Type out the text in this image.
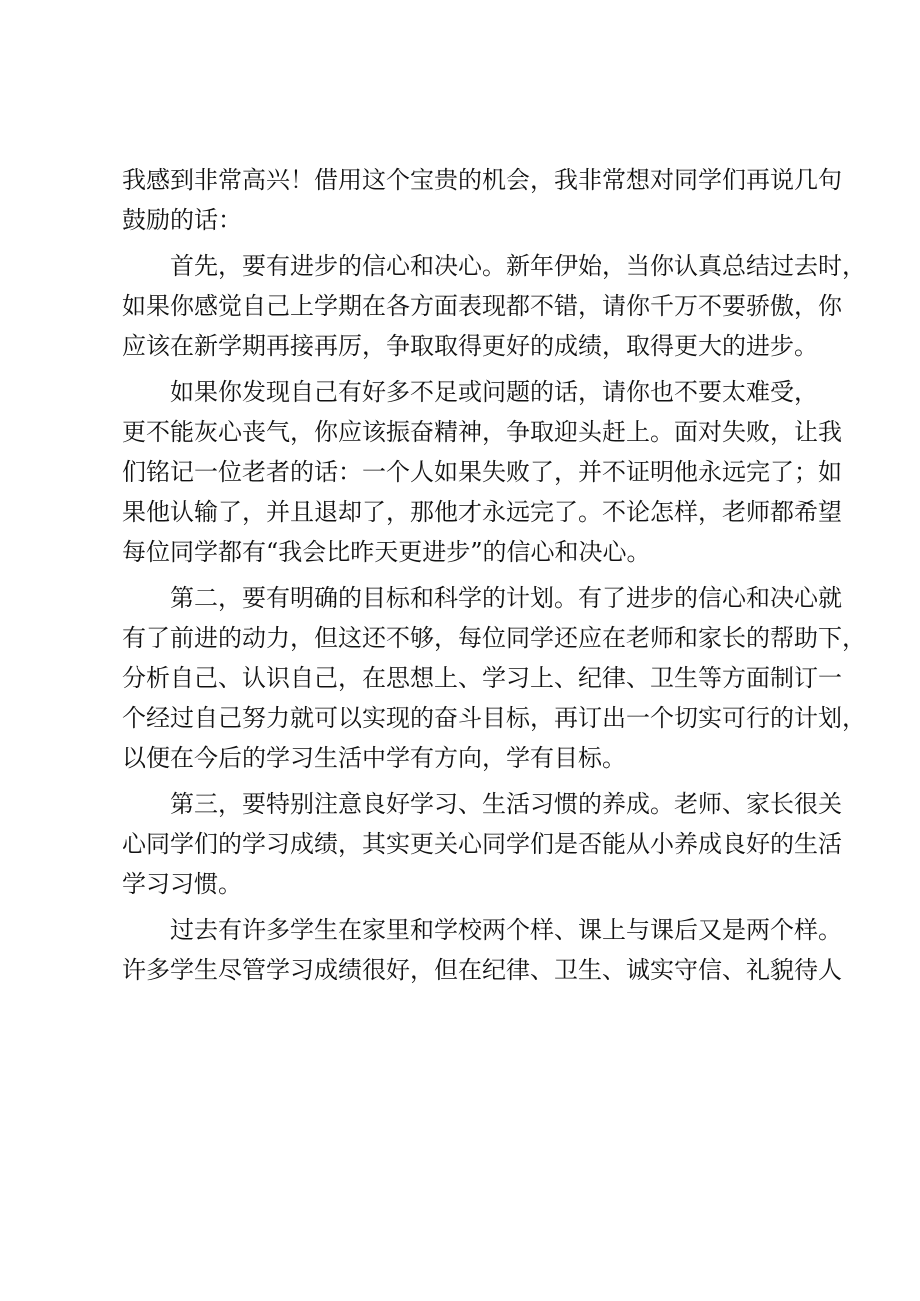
我感到非常高兴！借用这个宝贵的机会，我非常想对同学们再说几句
鼓励的话：

首先，要有进步的信心和决心。新年伊始，当你认真总结过去时，
如果你感觉自己上学期在各方面表现都不错，请你千万不要骄傲，你
应该在新学期再接再厉，争取取得更好的成绩，取得更大的进步。

如果你发现自己有好多不足或问题的话，请你也不要太难受，
更不能灰心丧气，你应该振奋精神，争取迎头赶上。面对失败，让我
们铭记一位老者的话：一个人如果失败了，并不证明他永远完了；如
果他认输了，并且退却了，那他才永远完了。不论怎样，老师都希望
每位同学都有“我会比昨天更进步”的信心和决心。

第二，要有明确的目标和科学的计划。有了进步的信心和决心就
有了前进的动力，但这还不够，每位同学还应在老师和家长的帮助下，
分析自己、认识自己，在思想上、学习上、纪律、卫生等方面制订一
个经过自己努力就可以实现的奋斗目标，再订出一个切实可行的计划，
以便在今后的学习生活中学有方向，学有目标。

第三，要特别注意良好学习、生活习惯的养成。老师、家长很关
心同学们的学习成绩，其实更关心同学们是否能从小养成良好的生活
学习习惯。

过去有许多学生在家里和学校两个样、课上与课后又是两个样。
许多学生尽管学习成绩很好，但在纪律、卫生、诚实守信、礼貌待人
